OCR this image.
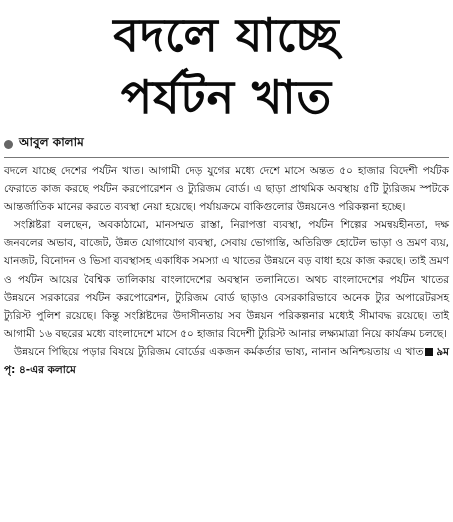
বদলে যাচ্ছে
পর্যটন খাত
আবুল কালাম

বদলে যাচ্ছে দেশের পর্যটন খাত। আগামী দেড় যুগের মধ্যে দেশে মাসে অন্তত ৫০ হাজার বিদেশী পর্যটক ফেরাতে কাজ করছে পর্যটন করপোরেশন ও ট্যুরিজম বোর্ড। এ ছাড়া প্রাথমিক অবস্থায় ৫টি ট্যুরিজম স্পটকে আন্তর্জাতিক মানের করতে ব্যবস্থা নেয়া হয়েছে। পর্যায়ক্রমে বাকিগুলোর উন্নয়নেও পরিকল্পনা হচ্ছে।

সংশ্লিষ্টরা বলছেন, অবকাঠামো, মানসম্মত রাস্তা, নিরাপত্তা ব্যবস্থা, পর্যটন শিল্পের সমন্বয়হীনতা, দক্ষ জনবলের অভাব, বাজেট, উন্নত যোগাযোগ ব্যবস্থা, সেবায় ভোগান্তি, অতিরিক্ত হোটেল ভাড়া ও ভ্রমণ ব্যয়, যানজট, বিনোদন ও ভিসা ব্যবস্থাসহ একাধিক সমস্যা এ খাতের উন্নয়নে বড় বাধা হয়ে কাজ করছে। তাই ভ্রমণ ও পর্যটন আয়ের বৈশ্বিক তালিকায় বাংলাদেশের অবস্থান তলানিতে। অথচ বাংলাদেশের পর্যটন খাতের উন্নয়নে সরকারের পর্যটন করপোরেশন, ট্যুরিজম বোর্ড ছাড়াও বেসরকারিভাবে অনেক ট্যুর অপারেটরসহ ট্যুরিস্ট পুলিশ রয়েছে। কিন্তু সংশ্লিষ্টদের উদাসীনতায় সব উন্নয়ন পরিকল্পনার মধ্যেই সীমাবদ্ধ রয়েছে। তাই আগামী ১৬ বছরের মধ্যে বাংলাদেশে মাসে ৫০ হাজার বিদেশী ট্যুরিস্ট আনার লক্ষ্যমাত্রা নিয়ে কার্যক্রম চলছে।

উন্নয়নে পিছিয়ে পড়ার বিষয়ে ট্যুরিজম বোর্ডের একজন কর্মকর্তার ভাষ্য, নানান অনিশ্চয়তায় এ খাত ৯ম পৃ: ৪-এর কলামে
